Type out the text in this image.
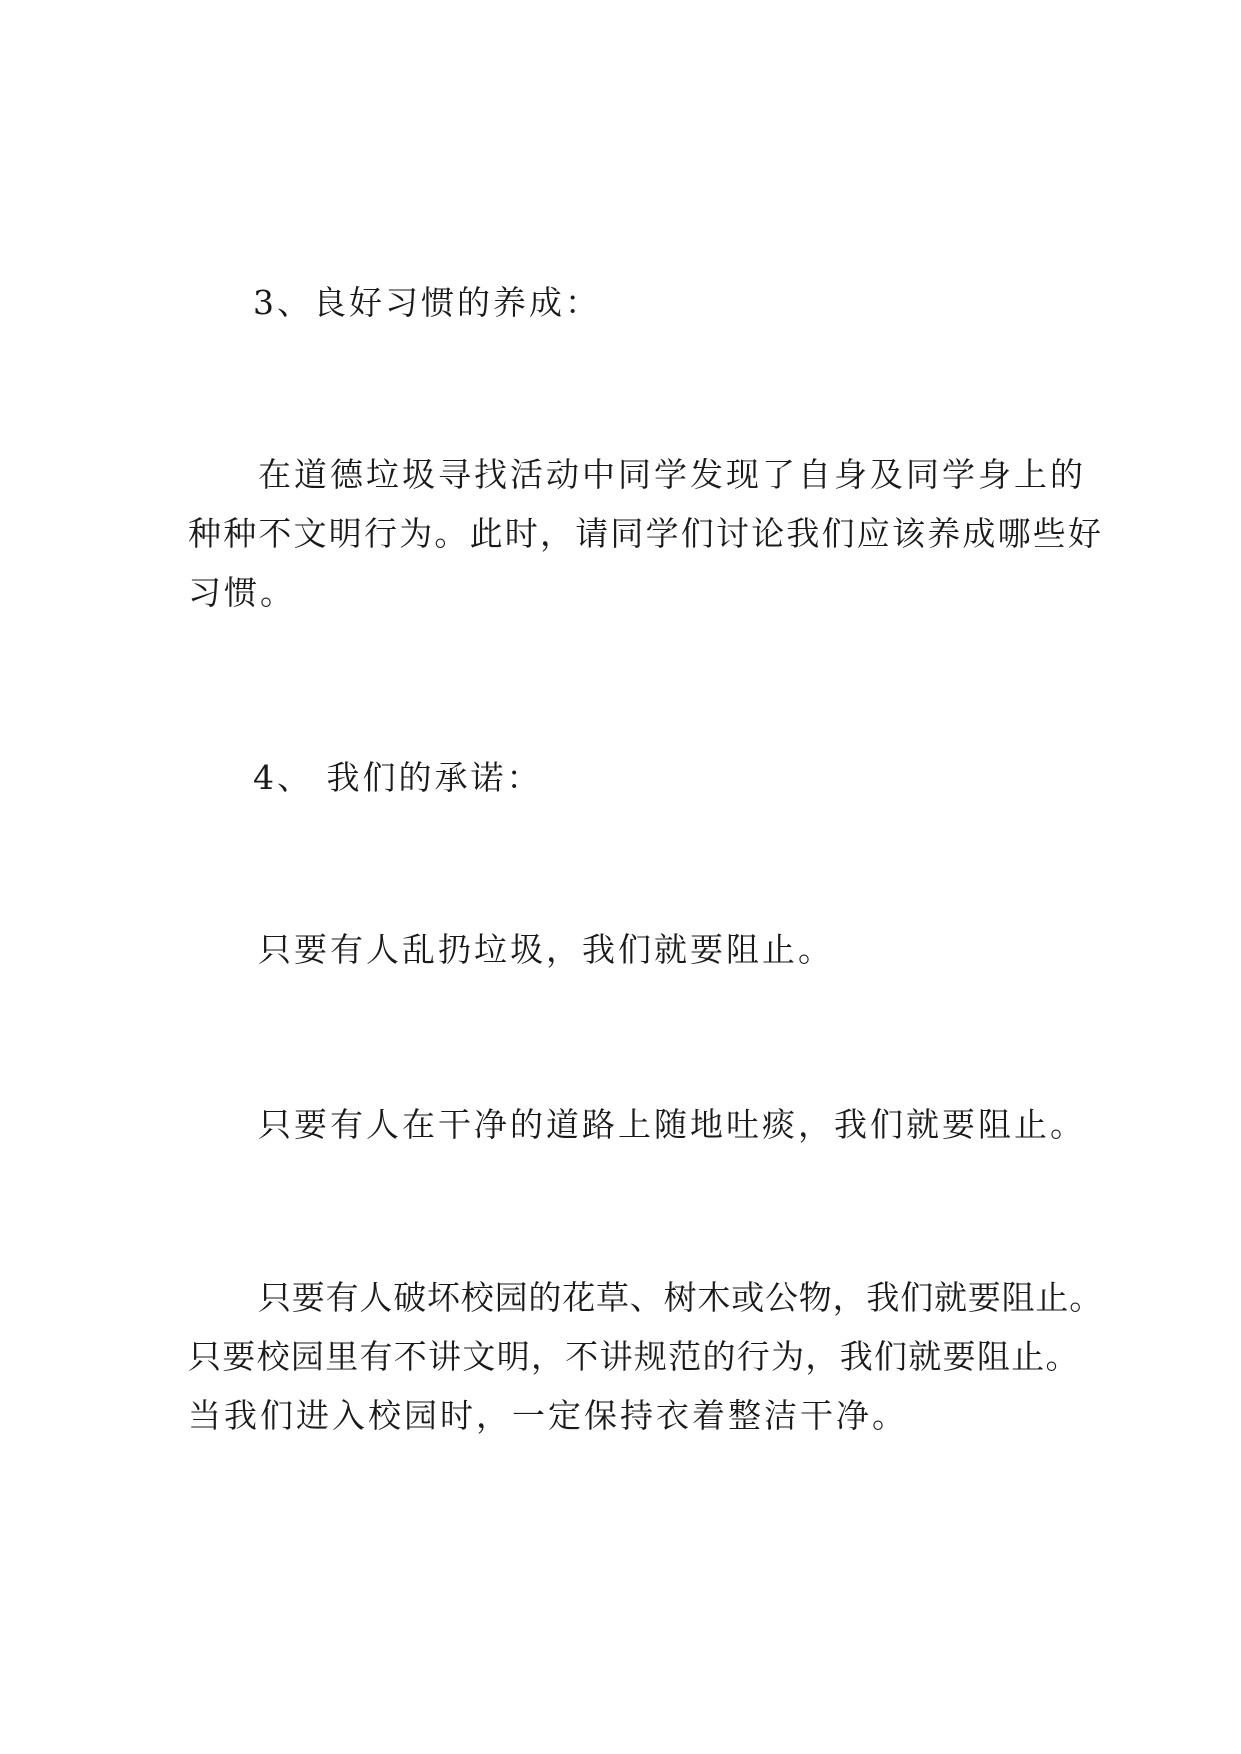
3、良好习惯的养成：
在道德垃圾寻找活动中同学发现了自身及同学身上的
种种不文明行为。此时，请同学们讨论我们应该养成哪些好
习惯。
4、 我们的承诺：
只要有人乱扔垃圾，我们就要阻止。
只要有人在干净的道路上随地吐痰，我们就要阻止。
只要有人破坏校园的花草、树木或公物，我们就要阻止。
只要校园里有不讲文明，不讲规范的行为，我们就要阻止。
当我们进入校园时，一定保持衣着整洁干净。
